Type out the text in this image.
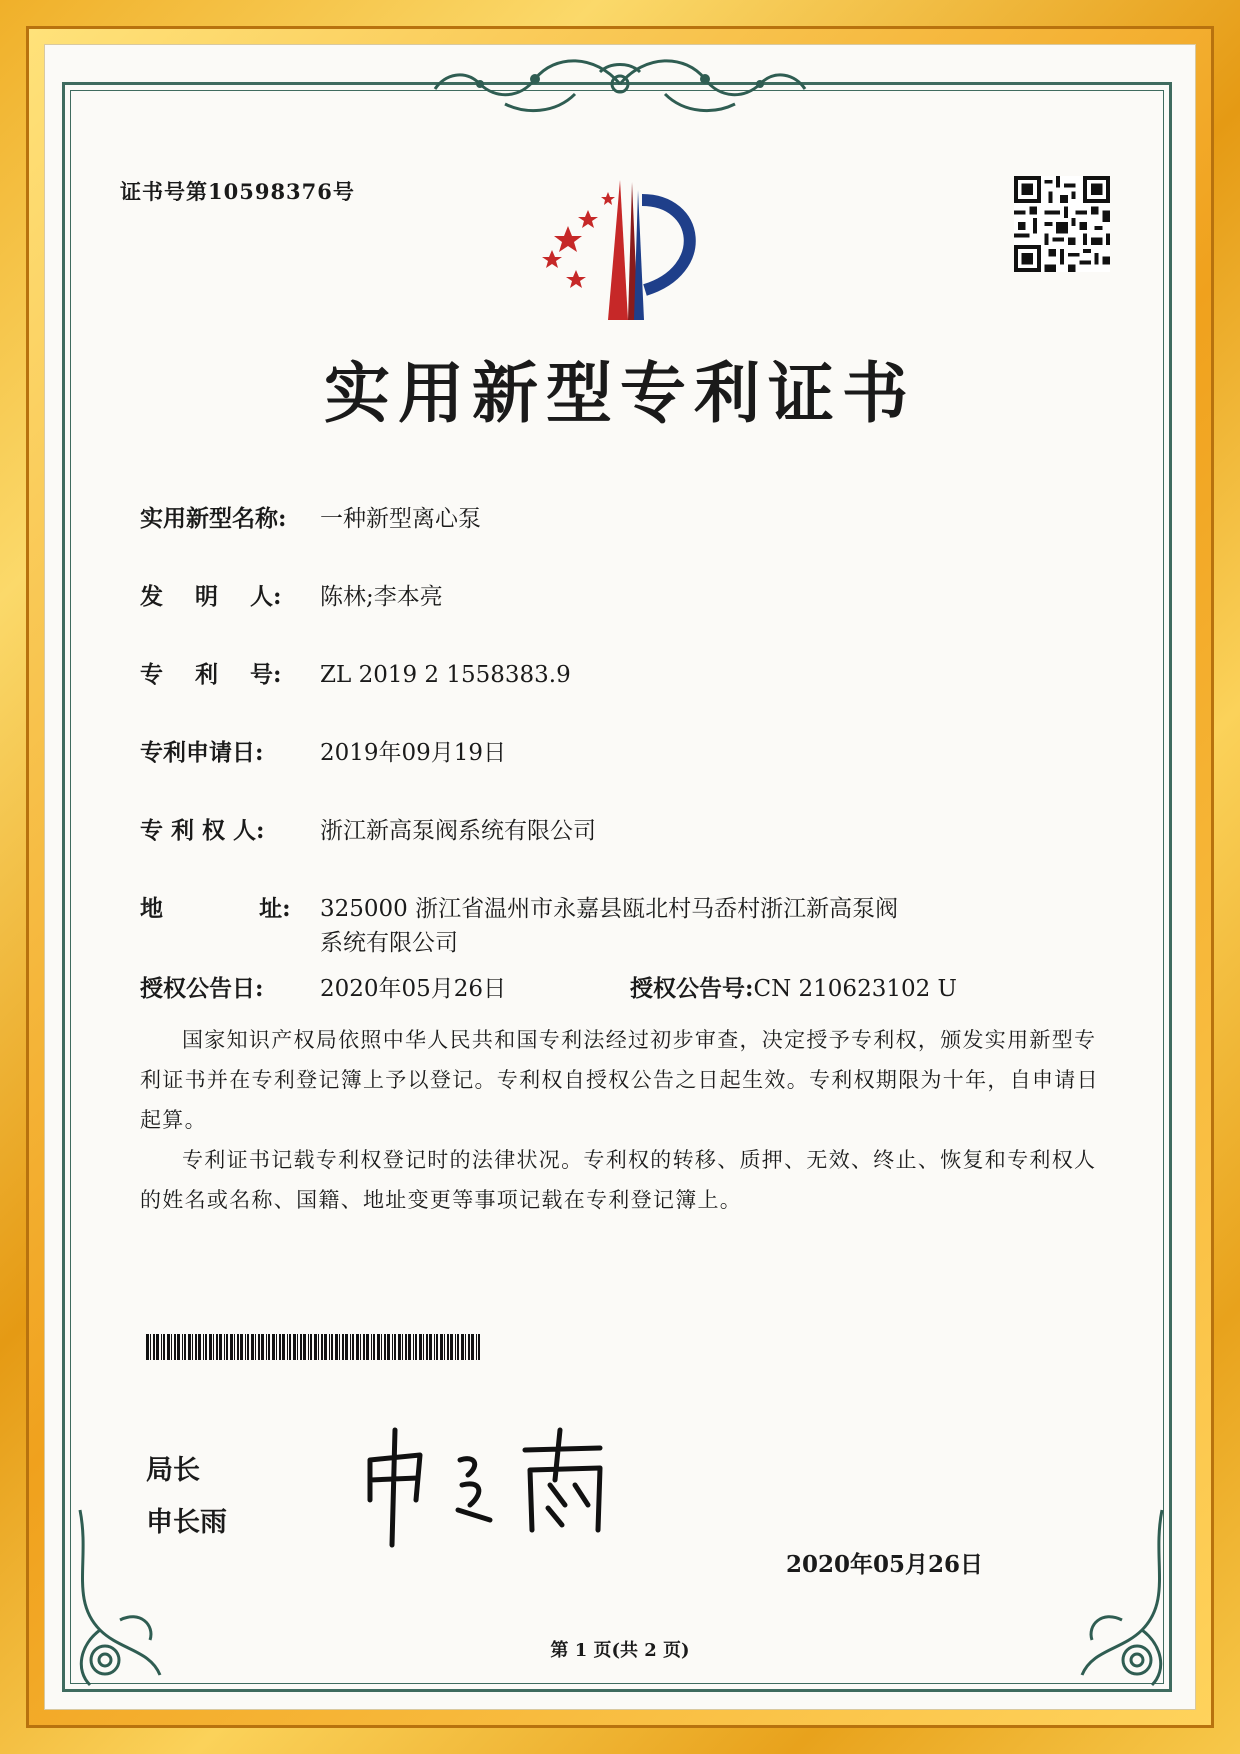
证书号第10598376号
实用新型专利证书
实用新型名称: 一种新型离心泵
发    明    人: 陈林;李本亮
专    利    号: ZL 2019 2 1558383.9
专利申请日: 2019年09月19日
专 利 权 人: 浙江新高泵阀系统有限公司
地            址: 325000 浙江省温州市永嘉县瓯北村马岙村浙江新高泵阀
系统有限公司
授权公告日: 2020年05月26日	授权公告号:CN 210623102 U
国家知识产权局依照中华人民共和国专利法经过初步审查，决定授予专利权，颁发实用新型专利证书并在专利登记簿上予以登记。专利权自授权公告之日起生效。专利权期限为十年，自申请日起算。
专利证书记载专利权登记时的法律状况。专利权的转移、质押、无效、终止、恢复和专利权人的姓名或名称、国籍、地址变更等事项记载在专利登记簿上。
局长
申长雨
2020年05月26日
第 1 页(共 2 页)
